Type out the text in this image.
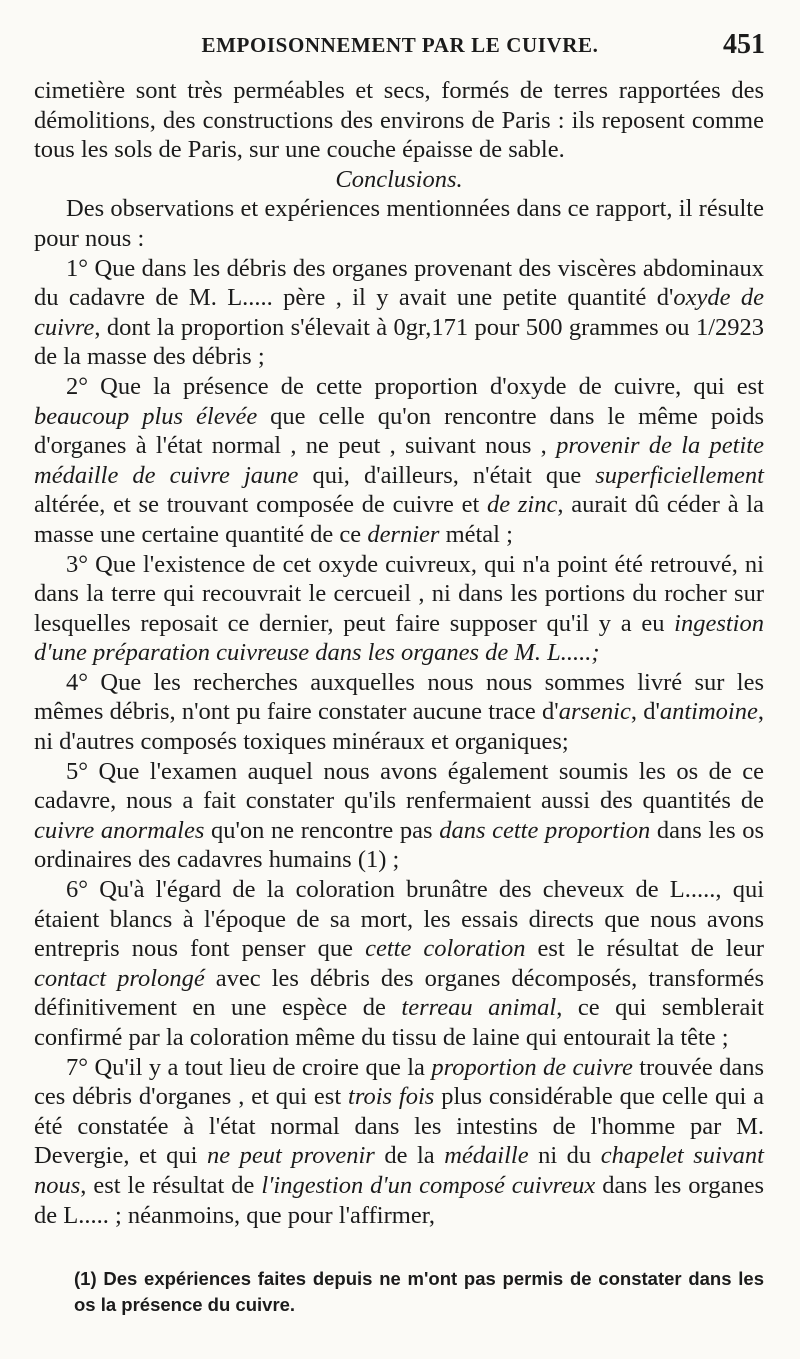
EMPOISONNEMENT PAR LE CUIVRE.	451

cimetière sont très perméables et secs, formés de terres rapportées des démolitions, des constructions des environs de Paris : ils reposent comme tous les sols de Paris, sur une couche épaisse de sable.

Conclusions.

Des observations et expériences mentionnées dans ce rapport, il résulte pour nous :

1° Que dans les débris des organes provenant des viscères abdominaux du cadavre de M. L..... père , il y avait une petite quantité d'oxyde de cuivre, dont la proportion s'élevait à 0gr,171 pour 500 grammes ou 1/2923 de la masse des débris ;

2° Que la présence de cette proportion d'oxyde de cuivre, qui est beaucoup plus élevée que celle qu'on rencontre dans le même poids d'organes à l'état normal , ne peut , suivant nous , provenir de la petite médaille de cuivre jaune qui, d'ailleurs, n'était que superficiellement altérée, et se trouvant composée de cuivre et de zinc, aurait dû céder à la masse une certaine quantité de ce dernier métal ;

3° Que l'existence de cet oxyde cuivreux, qui n'a point été retrouvé, ni dans la terre qui recouvrait le cercueil , ni dans les portions du rocher sur lesquelles reposait ce dernier, peut faire supposer qu'il y a eu ingestion d'une préparation cuivreuse dans les organes de M. L.....;

4° Que les recherches auxquelles nous nous sommes livré sur les mêmes débris, n'ont pu faire constater aucune trace d'arsenic, d'antimoine, ni d'autres composés toxiques minéraux et organiques;

5° Que l'examen auquel nous avons également soumis les os de ce cadavre, nous a fait constater qu'ils renfermaient aussi des quantités de cuivre anormales qu'on ne rencontre pas dans cette proportion dans les os ordinaires des cadavres humains (1) ;

6° Qu'à l'égard de la coloration brunâtre des cheveux de L....., qui étaient blancs à l'époque de sa mort, les essais directs que nous avons entrepris nous font penser que cette coloration est le résultat de leur contact prolongé avec les débris des organes décomposés, transformés définitivement en une espèce de terreau animal, ce qui semblerait confirmé par la coloration même du tissu de laine qui entourait la tête ;

7° Qu'il y a tout lieu de croire que la proportion de cuivre trouvée dans ces débris d'organes , et qui est trois fois plus considérable que celle qui a été constatée à l'état normal dans les intestins de l'homme par M. Devergie, et qui ne peut provenir de la médaille ni du chapelet suivant nous, est le résultat de l'ingestion d'un composé cuivreux dans les organes de L..... ; néanmoins, que pour l'affirmer,

(1) Des expériences faites depuis ne m'ont pas permis de constater dans les os la présence du cuivre.
